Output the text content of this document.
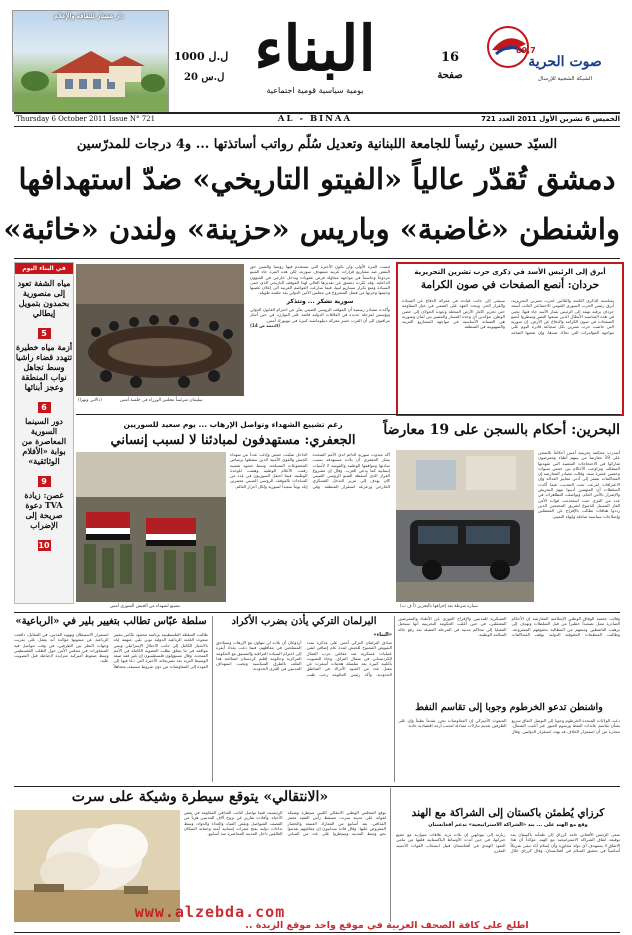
دار عشتار للثقافة والإعلام
1000 ل.ل
20 ل.س البناء
يومية سياسية قومية اجتماعية
16
صفحة
89,7
صوت الحرية
الشبكة الشعبية للإرسال
Thursday 6 October 2011 Issue N° 721	AL - BINAA	الخميس 6 تشرين الأول 2011 العدد 721
السيّد حسين رئيساً للجامعة اللبنانية وتعديل سُلّم رواتب أساتذتها ... و4 درجات للمدرّسين
دمشق تُقدّر عالياً «الفيتو التاريخي» ضدّ استهدافها
واشنطن «غاضبة» وباريس «حزينة» ولندن «خائبة»
في البناء اليوم
مياه الشفة تعود إلى منصورية بحمدون بتمويل إيطالي
5
أزمة مياه خطيرة تتهدد قضاء راشيا وسط تجاهل نواب المنطقة وعجز أبنائها
6
دور السينما السورية المعاصرة من بوابة «الأفلام الوثائقية»
9
غصن: زيادة TVA دعوة صريحة إلى الإضراب
10
سليمان مترئساً مجلس الوزراء في جلسة أمس
(دالاتي ونهرا)
ليست المرة الأولى ولن تكون الأخيرة التي تستخدم فيها روسيا والصين حق النقض ضد مشاريع قرارات غربية تستهدف سورية، لكن هذه المرة جاء الفيتو مزدوجاً وحاسماً في مواجهة محاولة فرض عقوبات وتدخل خارجي في الشؤون الداخلية. وقد عبّرت دمشق عن تقديرها العالي لهذا الموقف التاريخي الذي حمى السيادة ومنع تكرار سيناريو ليبيا، فيما سارعت العواصم الغربية الى إعلان غضبها وخيبتها وحزنها من فشل المشروع في مجلس الأمن الدولي بعد جلسة طويلة.
سورية تشكر ... وتتذكر
وأكدت مصادر رسمية أن الموقف الروسي الصيني يعبّر عن احترام القانون الدولي ويؤسس لمرحلة جديدة في العلاقات الدولية قائمة على التوازن، في حين أشار مراقبون الى أن الغرب خسر معركة ديبلوماسية كبيرة في نيويورك أمس.
(التتمة ص 14)
أبرق إلى الرئيس الأسد في ذكرى حرب تشرين التحريرية
حردان: أنصع الصفحات في صون الكرامة
بمناسبة الذكرى الثامنة والثلاثين لحرب تشرين التحريرية، أبرق رئيس الحزب السوري القومي الاجتماعي النائب أسعد حردان برقية تهنئة إلى الرئيس بشار الأسد جاء فيها: نحيي في هذه المناسبة الأبطال الذين صنعوا النصر وسطروا أنصع الصفحات في صون الكرامة والدفاع عن الأرض. إن سورية التي خاضت حرب تشرين بكل شجاعة قادرة اليوم على مواجهة المؤامرات التي تحاك ضدها، وإن شعبها الصامد سيبقى إلى جانب قيادته في معركة الدفاع عن السيادة والقرار الحر. ونجدد العهد على المضي في خيار المقاومة حتى تحرير كامل الأرض المحتلة وعودة الجولان إلى حضن الوطن، مؤكدين أن وحدة المسار والمصير بين لبنان وسورية هي الضمانة الأساسية في مواجهة المشاريع الغربية والصهيونية في المنطقة.
البحرين: أحكام بالسجن على 19 معارضاً
سيارة شرطة بعد إحراقها بالبحرين (أ ف ب)
أصدرت محكمة بحرينية أمس أحكاماً بالسجن على 19 معارضاً من بينهم أطباء وممرضون شاركوا في الاحتجاجات الشعبية التي شهدتها المملكة، وتراوحت الأحكام بين خمس سنوات وخمس عشرة سنة. وقالت مصادر المعارضة إن المحاكمات تفتقر إلى أدنى معايير العدالة وإن الاعترافات انتزعت تحت التعذيب، فيما أكدت السلطات أن المتهمين أدينوا بتهم التحريض والإضرار بالأمن العام. وتواصلت التظاهرات في عدد من القرى حيث استخدمت قوات الأمن الغاز المسيل للدموع لتفريق المحتجين الذين رددوا هتافات تطالب بالإفراج عن المعتقلين وإصلاحات سياسية شاملة وإنهاء التمييز.
رغم تشييع الشهداء وتواصل الإرهاب ... يوم سعيد للسوريين
الجعفري: مستهدفون لمبادئنا لا لسبب إنساني
تشييع لشهداء من الجيش السوري أمس
أكد مندوب سورية الدائم لدى الأمم المتحدة بشار الجعفري أن بلاده مستهدفة بسبب مبادئها ومواقفها الوطنية والقومية لا لأسباب إنسانية كما يدعي الغرب. وقال إن مشروع القرار الذي أسقطه الفيتو الروسي الصيني كان يهدف إلى تبرير التدخل العسكري الخارجي وزعزعة استقرار المنطقة. وفي الداخل شيّعت حمص وإدلب عدداً من شهداء الجيش والقوى الأمنية الذين سقطوا برصاص المجموعات المسلحة، وسط حشود شعبية رفعت الأعلام الوطنية وهتفت للوحدة الوطنية، فيما احتفل السوريون في عدد من الساحات بالموقف الروسي الصيني معتبرين إياه يوماً سعيداً لسورية ولكل أحرار العالم.
سلطة عبّاس تطالب بتغيير بلير في «الرباعية»
طالبت السلطة الفلسطينية برئاسة محمود عبّاس بتغيير مبعوث اللجنة الرباعية الدولية توني بلير، متهمة إياه بالانحياز الكامل إلى جانب الاحتلال الإسرائيلي وتبني مواقفه في ما يتعلق بطلب العضوية الكاملة في الأمم المتحدة. وقال مسؤولون فلسطينيون إن بلير فقد صفة الوسيط النزيه بعد تصريحاته الأخيرة التي دعا فيها إلى العودة إلى المفاوضات من دون شروط مسبقة، متجاهلاً استمرار الاستيطان وتهويد القدس. في المقابل، دافعت الرباعية عن مبعوثها مؤكدة أنه يعمل على تقريب وجهات النظر بين الطرفين، في وقت تتواصل فيه المشاورات في مجلس الأمن حول الطلب الفلسطيني وسط ضغوط أميركية متزايدة لإحباطه قبل التصويت عليه.
البرلمان التركي يأذن بضرب الأكراد
«البناء»
صادق البرلمان التركي أمس على مذكرة تمدد التفويض الممنوح للجيش لمدة عام إضافي لشن عمليات عسكرية ضد مقاتلي حزب العمال الكردستاني في شمال العراق. وجاء التصويت بأغلبية كبيرة بعد سلسلة هجمات أسفرت عن مقتل عدد من الجنود الأتراك في المناطق الحدودية. وأكد رئيس الحكومة رجب طيب أردوغان أن بلاده لن تتهاون مع الإرهاب وستلاحق المسلحين في معاقلهم، فيما دعت بغداد أنقرة إلى احترام السيادة العراقية والتنسيق مع الحكومة المركزية وحكومة إقليم كردستان لمعالجة هذا الملف بالطرق السياسية وتجنب استهداف المدنيين في القرى الحدودية.
واشنطن تدعو الخرطوم وجوبا إلى تقاسم النفط
وقالت جمعية الوفاق الوطني الإسلامية المعارضة إن الأحكام الصادرة تمثل تصعيداً خطيراً من قبل السلطات وتهدف إلى ترهيب الناشطين ومنعهم من المطالبة بحقوقهم المشروعة. وطالبت المنظمات الحقوقية الدولية بوقف المحاكمات العسكرية للمدنيين والإفراج الفوري عن الأطباء والممرضين المعتقلين، في حين أعلنت الحكومة البحرينية أنها ستحيل القضايا إلى محاكم مدنية في المرحلة المقبلة بعد رفع حالة السلامة الوطنية.
دعت الولايات المتحدة الخرطوم وجوبا إلى التوصل لاتفاق سريع بشأن تقاسم عائدات النفط ورسوم العبور عبر أنابيب الشمال، محذرة من أن استمرار الخلاف قد يهدد استقرار الدولتين. وقال المبعوث الأميركي إن المفاوضات تحرز تقدماً بطيئاً وإن على الطرفين تقديم تنازلات متبادلة لتجنب أزمة اقتصادية حادة.
«الانتقالي» يتوقع سيطرة وشيكة على سرت
توقع المجلس الوطني الانتقالي الليبي سيطرة وشيكة لقواته على مدينة سرت، مسقط رأس العقيد معمر القذافي، بعد أسابيع من المعارك العنيفة والحصار المفروض عليها. وقال قادة ميدانيون إن مقاتليهم تقدموا نحو وسط المدينة وسيطروا على عدد من المباني الرئيسية، فيما تواصل كتائب القذافي المقاومة في بعض الأحياء. وأفادت تقارير عن نزوح آلاف المدنيين هرباً من القصف المتواصل ونقص المياه والغذاء والدواء، وسط نداءات دولية بفتح ممرات إنسانية آمنة وحماية السكان العالقين داخل المدينة المحاصرة منذ أسابيع.
كرزاي يُطمئن باكستان إلى الشراكة مع الهند
وقع مع الهند على ... بند «الشراكة الاستراتيجية» تدعم أفغانستان
سعى الرئيس الأفغاني حامد كرزاي إلى طمأنة باكستان بعد توقيعه اتفاق الشراكة الاستراتيجية مع الهند، مؤكداً أن هذا الاتفاق لا يستهدف أي دولة مجاورة وأن إسلام آباد تبقى شريكاً أساسياً في تحقيق السلام في أفغانستان. وقال كرزاي خلال زيارته إلى نيودلهي إن بلاده تريد علاقات متوازنة مع جميع جيرانها، في حين أبدت الأوساط الباكستانية قلقها من تنامي النفوذ الهندي في أفغانستان قبيل انسحاب القوات الأجنبية المقرر.
www.alzebda.com
اطلع على كافة الصحف العربية في موقع واحد موقع الزبدة ..
